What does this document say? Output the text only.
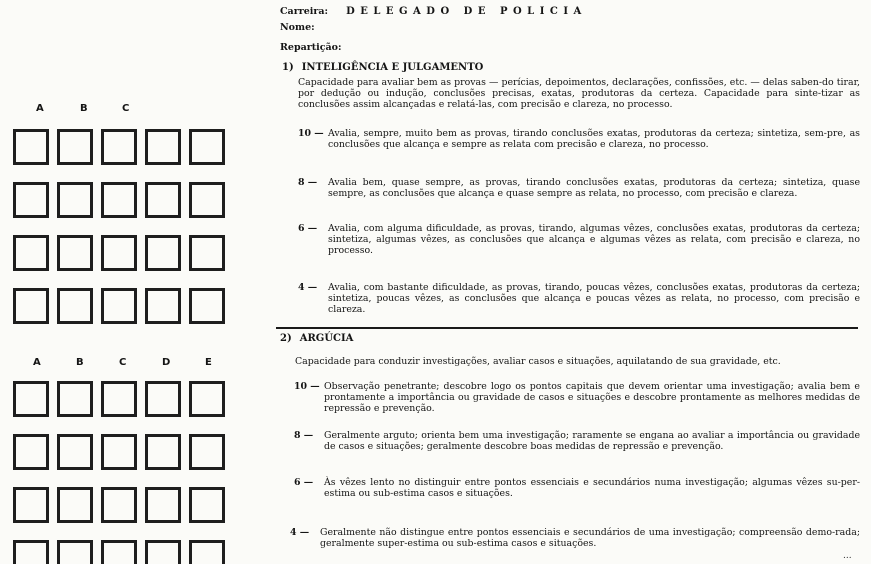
A	B	C
A	B	C	D	E
Carreira: DELEGADO DE POLICIA
Nome:
Repartição:
1) INTELIGÊNCIA E JULGAMENTO
Capacidade para avaliar bem as provas — perícias, depoimentos, declarações, confissões, etc. — delas saben-do tirar, por dedução ou indução, conclusões precisas, exatas, produtoras da certeza. Capacidade para sinte-tizar as conclusões assim alcançadas e relatá-las, com precisão e clareza, no processo.
10 — Avalia, sempre, muito bem as provas, tirando conclusões exatas, produtoras da certeza; sintetiza, sem-pre, as conclusões que alcança e sempre as relata com precisão e clareza, no processo.
8 —	Avalia bem, quase sempre, as provas, tirando conclusões exatas, produtoras da certeza; sintetiza, quase sempre, as conclusões que alcança e quase sempre as relata, no processo, com precisão e clareza.
6 —	Avalia, com alguma dificuldade, as provas, tirando, algumas vêzes, conclusões exatas, produtoras da certeza; sintetiza, algumas vêzes, as conclusões que alcança e algumas vêzes as relata, com precisão e clareza, no processo.
4 —	Avalia, com bastante dificuldade, as provas, tirando, poucas vêzes, conclusões exatas, produtoras da certeza; sintetiza, poucas vêzes, as conclusões que alcança e poucas vêzes as relata, no processo, com precisão e clareza.
2) ARGÚCIA
Capacidade para conduzir investigações, avaliar casos e situações, aquilatando de sua gravidade, etc.
10 — Observação penetrante; descobre logo os pontos capitais que devem orientar uma investigação; avalia bem e prontamente a importância ou gravidade de casos e situações e descobre prontamente as melhores medidas de repressão e prevenção.
8 —	Geralmente arguto; orienta bem uma investigação; raramente se engana ao avaliar a importância ou gravidade de casos e situações; geralmente descobre boas medidas de repressão e prevenção.
6 —	Às vêzes lento no distinguir entre pontos essenciais e secundários numa investigação; algumas vêzes su-per-estima ou sub-estima casos e situações.
4 —	Geralmente não distingue entre pontos essenciais e secundários de uma investigação; compreensão demo-rada; geralmente super-estima ou sub-estima casos e situações.
...
